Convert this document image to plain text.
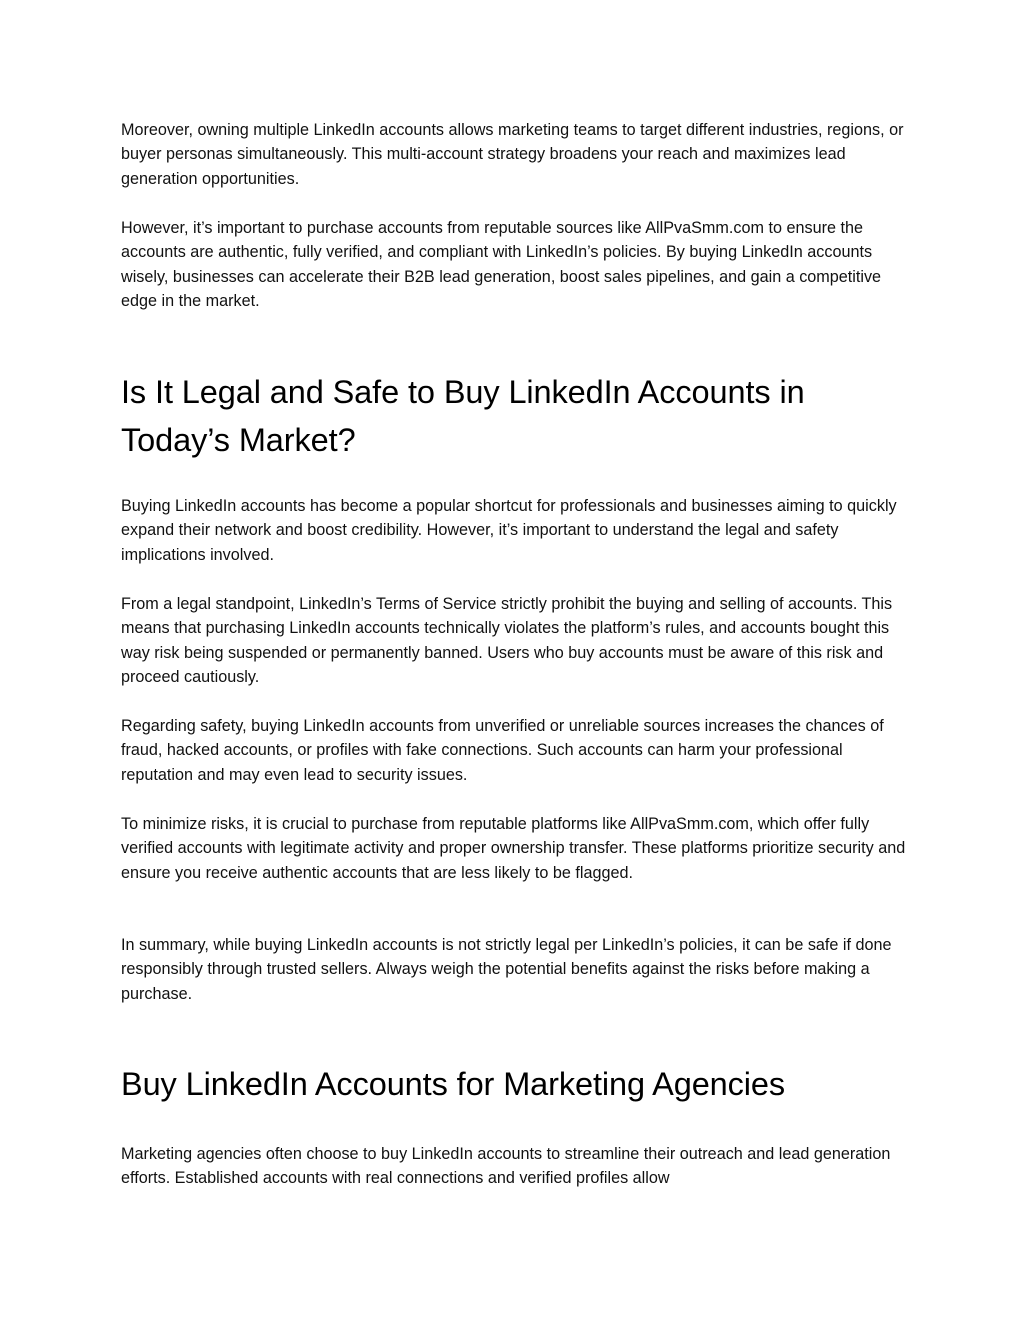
Moreover, owning multiple LinkedIn accounts allows marketing teams to target different industries, regions, or buyer personas simultaneously. This multi-account strategy broadens your reach and maximizes lead generation opportunities.

However, it’s important to purchase accounts from reputable sources like AllPvaSmm.com to ensure the accounts are authentic, fully verified, and compliant with LinkedIn’s policies. By buying LinkedIn accounts wisely, businesses can accelerate their B2B lead generation, boost sales pipelines, and gain a competitive edge in the market.

Is It Legal and Safe to Buy LinkedIn Accounts in Today’s Market?

Buying LinkedIn accounts has become a popular shortcut for professionals and businesses aiming to quickly expand their network and boost credibility. However, it’s important to understand the legal and safety implications involved.

From a legal standpoint, LinkedIn’s Terms of Service strictly prohibit the buying and selling of accounts. This means that purchasing LinkedIn accounts technically violates the platform’s rules, and accounts bought this way risk being suspended or permanently banned. Users who buy accounts must be aware of this risk and proceed cautiously.

Regarding safety, buying LinkedIn accounts from unverified or unreliable sources increases the chances of fraud, hacked accounts, or profiles with fake connections. Such accounts can harm your professional reputation and may even lead to security issues.

To minimize risks, it is crucial to purchase from reputable platforms like AllPvaSmm.com, which offer fully verified accounts with legitimate activity and proper ownership transfer. These platforms prioritize security and ensure you receive authentic accounts that are less likely to be flagged.

In summary, while buying LinkedIn accounts is not strictly legal per LinkedIn’s policies, it can be safe if done responsibly through trusted sellers. Always weigh the potential benefits against the risks before making a purchase.

Buy LinkedIn Accounts for Marketing Agencies

Marketing agencies often choose to buy LinkedIn accounts to streamline their outreach and lead generation efforts. Established accounts with real connections and verified profiles allow
